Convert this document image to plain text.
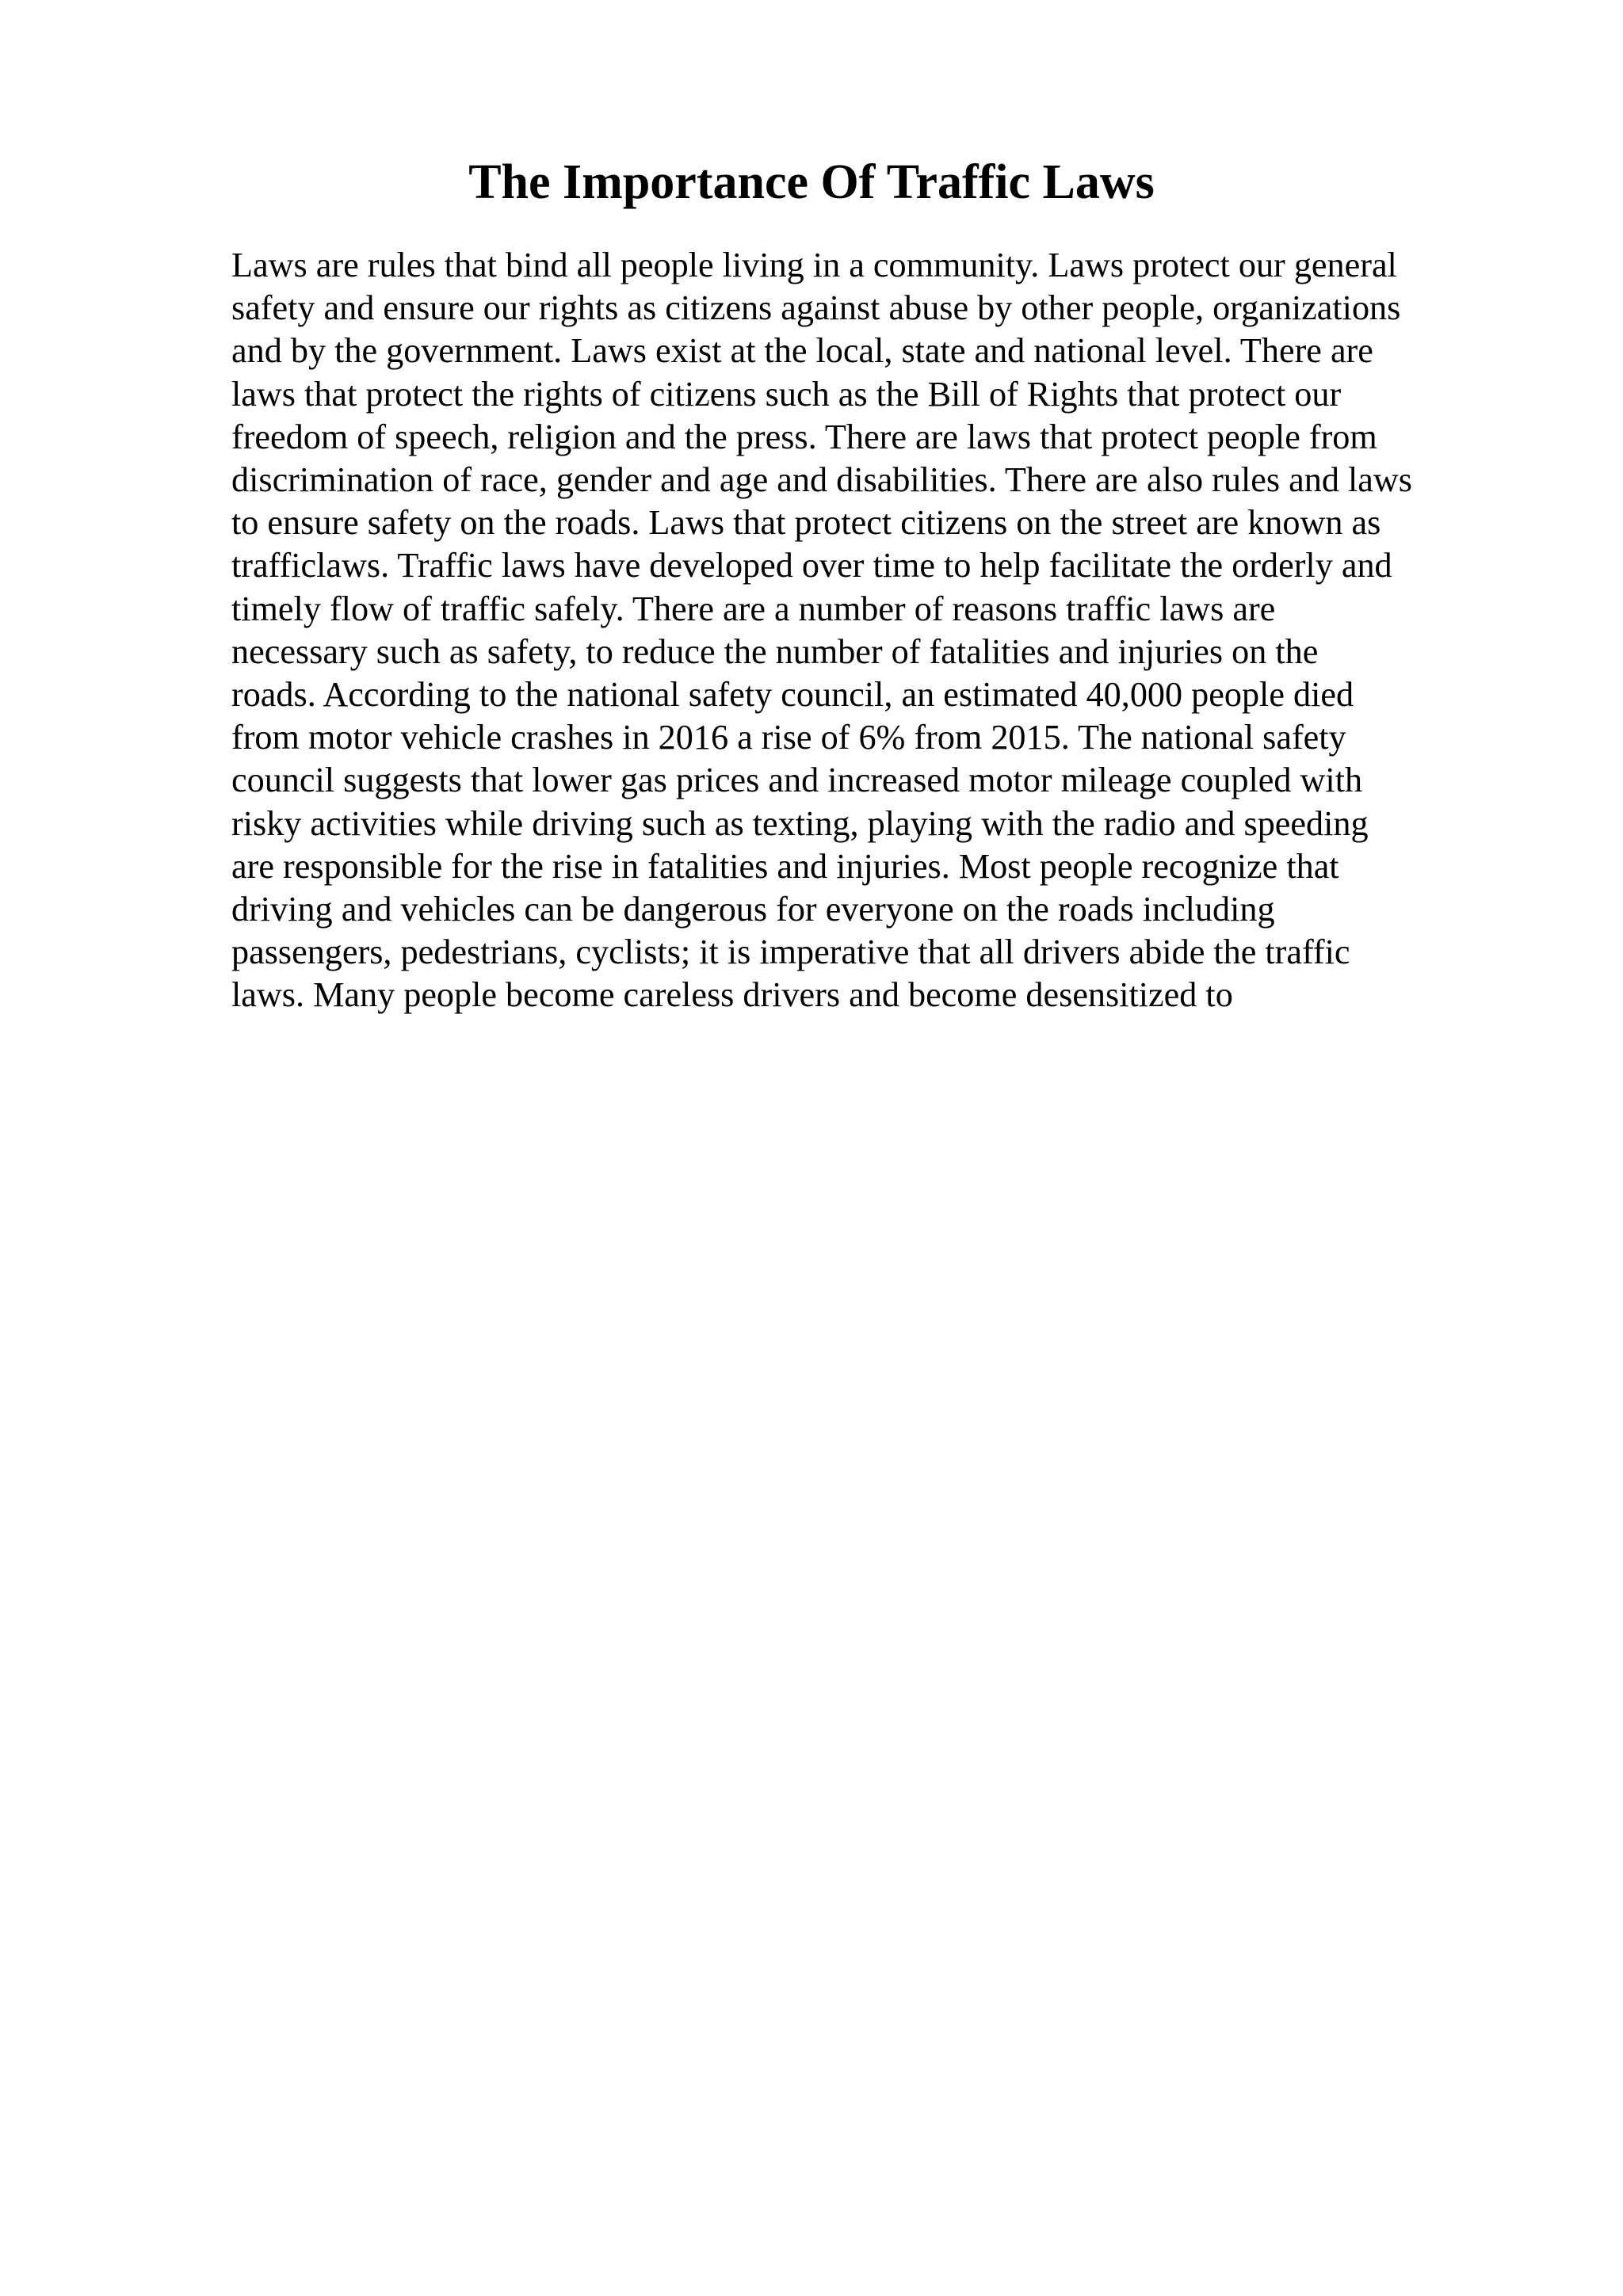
The Importance Of Traffic Laws

Laws are rules that bind all people living in a community. Laws protect our general
safety and ensure our rights as citizens against abuse by other people, organizations
and by the government. Laws exist at the local, state and national level. There are
laws that protect the rights of citizens such as the Bill of Rights that protect our
freedom of speech, religion and the press. There are laws that protect people from
discrimination of race, gender and age and disabilities. There are also rules and laws
to ensure safety on the roads. Laws that protect citizens on the street are known as
trafficlaws. Traffic laws have developed over time to help facilitate the orderly and
timely flow of traffic safely. There are a number of reasons traffic laws are
necessary such as safety, to reduce the number of fatalities and injuries on the
roads. According to the national safety council, an estimated 40,000 people died
from motor vehicle crashes in 2016 a rise of 6% from 2015. The national safety
council suggests that lower gas prices and increased motor mileage coupled with
risky activities while driving such as texting, playing with the radio and speeding
are responsible for the rise in fatalities and injuries. Most people recognize that
driving and vehicles can be dangerous for everyone on the roads including
passengers, pedestrians, cyclists; it is imperative that all drivers abide the traffic
laws. Many people become careless drivers and become desensitized to
